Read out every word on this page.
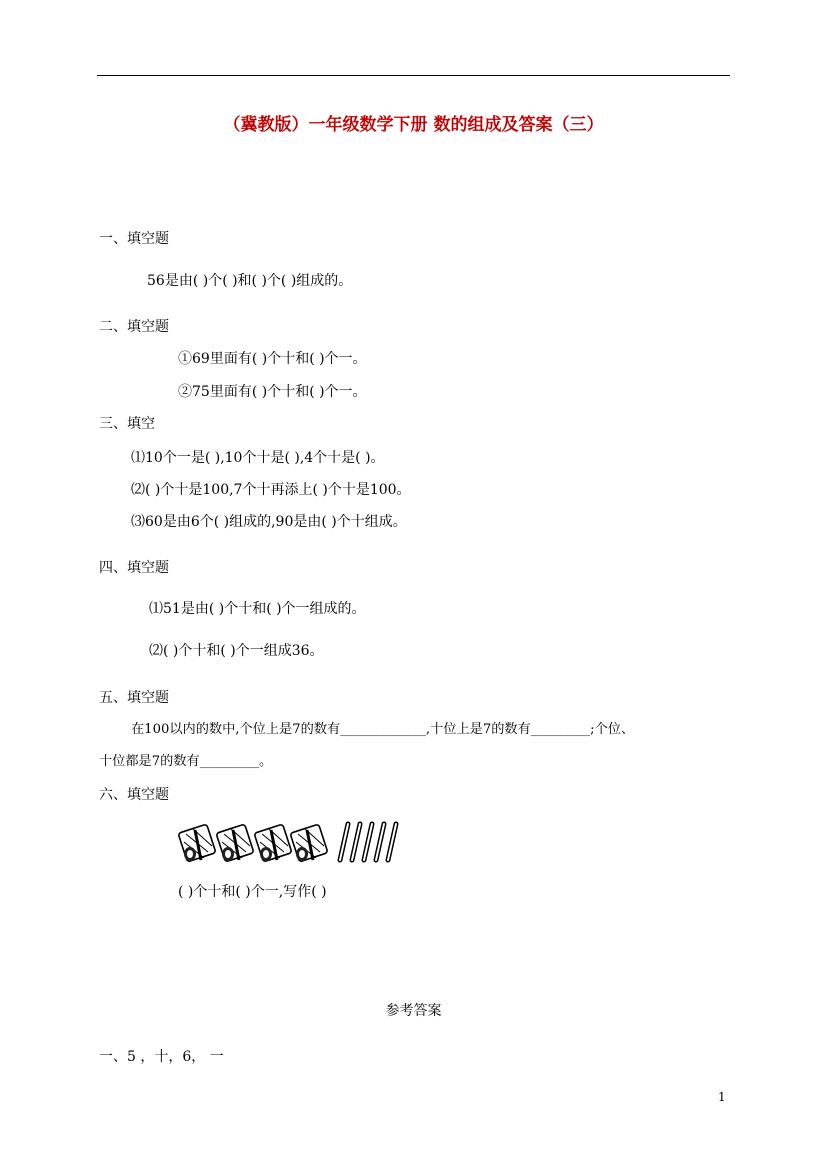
（冀教版）一年级数学下册 数的组成及答案（三）
一、填空题
56是由( )个( )和( )个( )组成的。
二、填空题
①69里面有( )个十和( )个一。
②75里面有( )个十和( )个一。
三、填空
⑴10个一是( ),10个十是( ),4个十是( )。
⑵( )个十是100,7个十再添上( )个十是100。
⑶60是由6个( )组成的,90是由( )个十组成。
四、填空题
⑴51是由( )个十和( )个一组成的。
⑵( )个十和( )个一组成36。
五、填空题
在100以内的数中,个位上是7的数有_____________,十位上是7的数有_________;个位、
十位都是7的数有_________。
六、填空题
( )个十和( )个一,写作( )
参考答案
一、5 ，十，6， 一
1
